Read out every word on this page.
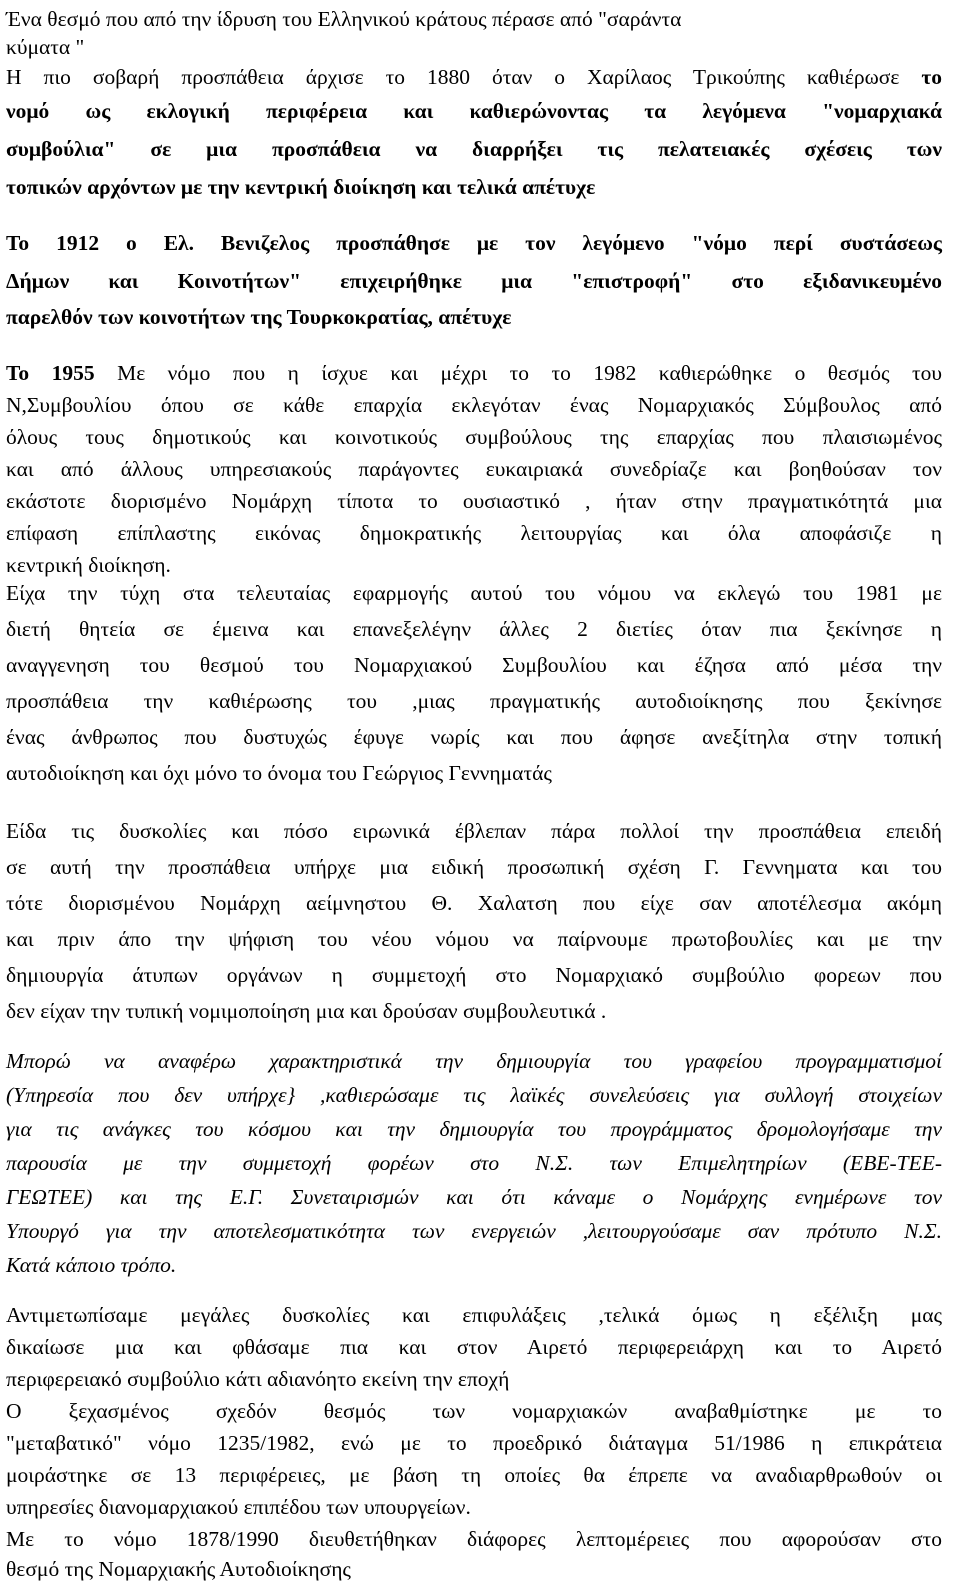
Ένα θεσμό που από την ίδρυση του Ελληνικού κράτους πέρασε από "σαράντα
κύματα "
Η πιο σοβαρή προσπάθεια άρχισε το 1880 όταν ο Χαρίλαος Τρικούπης καθιέρωσε το
νομό ως εκλογική περιφέρεια και καθιερώνοντας τα λεγόμενα "νομαρχιακά
συμβούλια" σε μια προσπάθεια να διαρρήξει τις πελατειακές σχέσεις των
τοπικών αρχόντων με την κεντρική διοίκηση και τελικά απέτυχε
Το 1912 ο Ελ. Βενιζελος προσπάθησε με τον λεγόμενο "νόμο περί συστάσεως
Δήμων και Κοινοτήτων" επιχειρήθηκε μια "επιστροφή" στο εξιδανικευμένο
παρελθόν των κοινοτήτων της Τουρκοκρατίας, απέτυχε
Το 1955 Με νόμο που η ίσχυε και μέχρι το το 1982 καθιερώθηκε ο θεσμός του
Ν,Συμβουλίου όπου σε κάθε επαρχία εκλεγόταν ένας Νομαρχιακός Σύμβουλος από
όλους τους δημοτικούς και κοινοτικούς συμβούλους της επαρχίας που πλαισιωμένος
και από άλλους υπηρεσιακούς παράγοντες ευκαιριακά συνεδρίαζε και βοηθούσαν τον
εκάστοτε διορισμένο Νομάρχη τίποτα το ουσιαστικό , ήταν στην πραγματικότητά μια
επίφαση επίπλαστης εικόνας δημοκρατικής λειτουργίας και όλα αποφάσιζε η
κεντρική διοίκηση.
Είχα την τύχη στα τελευταίας εφαρμογής αυτού του νόμου να εκλεγώ του 1981 με
διετή θητεία σε έμεινα και επανεξελέγην άλλες 2 διετίες όταν πια ξεκίνησε η
αναγγενηση του θεσμού του Νομαρχιακού Συμβουλίου και έζησα από μέσα την
προσπάθεια την καθιέρωσης του ,μιας πραγματικής αυτοδιοίκησης που ξεκίνησε
ένας άνθρωπος που δυστυχώς έφυγε νωρίς και που άφησε ανεξίτηλα στην τοπική
αυτοδιοίκηση και όχι μόνο το όνομα του Γεώργιος Γεννηματάς
Είδα τις δυσκολίες και πόσο ειρωνικά έβλεπαν πάρα πολλοί την προσπάθεια επειδή
σε αυτή την προσπάθεια υπήρχε μια ειδική προσωπική σχέση Γ. Γεννηματα και του
τότε διορισμένου Νομάρχη αείμνηστου Θ. Χαλατση που είχε σαν αποτέλεσμα ακόμη
και πριν άπο την ψήφιση του νέου νόμου να παίρνουμε πρωτοβουλίες και με την
δημιουργία άτυπων οργάνων η συμμετοχή στο Νομαρχιακό συμβούλιο φορεων που
δεν είχαν την τυπική νομιμοποίηση μια και δρούσαν συμβουλευτικά .
Μπορώ να αναφέρω χαρακτηριστικά την δημιουργία του γραφείου προγραμματισμοί
(Υπηρεσία που δεν υπήρχε} ,καθιερώσαμε τις λαϊκές συνελεύσεις για συλλογή στοιχείων
για τις ανάγκες του κόσμου και την δημιουργία του προγράμματος δρομολογήσαμε την
παρουσία με την συμμετοχή φορέων στο Ν.Σ. των Επιμελητηρίων (ΕΒΕ-ΤΕΕ-
ΓΕΩΤΕΕ) και της Ε.Γ. Συνεταιρισμών και ότι κάναμε ο Νομάρχης ενημέρωνε τον
Υπουργό για την αποτελεσματικότητα των ενεργειών ,λειτουργούσαμε σαν πρότυπο Ν.Σ.
Κατά κάποιο τρόπο.
Αντιμετωπίσαμε μεγάλες δυσκολίες και επιφυλάξεις ,τελικά όμως η εξέλιξη μας
δικαίωσε μια και φθάσαμε πια και στον Αιρετό περιφερειάρχη και το Αιρετό
περιφερειακό συμβούλιο κάτι αδιανόητο εκείνη την εποχή
Ο ξεχασμένος σχεδόν θεσμός των νομαρχιακών αναβαθμίστηκε με το
"μεταβατικό" νόμο 1235/1982, ενώ με το προεδρικό διάταγμα 51/1986 η επικράτεια
μοιράστηκε σε 13 περιφέρειες, με βάση τη οποίες θα έπρεπε να αναδιαρθρωθούν οι
υπηρεσίες διανομαρχιακού επιπέδου των υπουργείων.
Με το νόμο 1878/1990 διευθετήθηκαν διάφορες λεπτομέρειες που αφορούσαν στο
θεσμό της Νομαρχιακής Αυτοδιοίκησης
